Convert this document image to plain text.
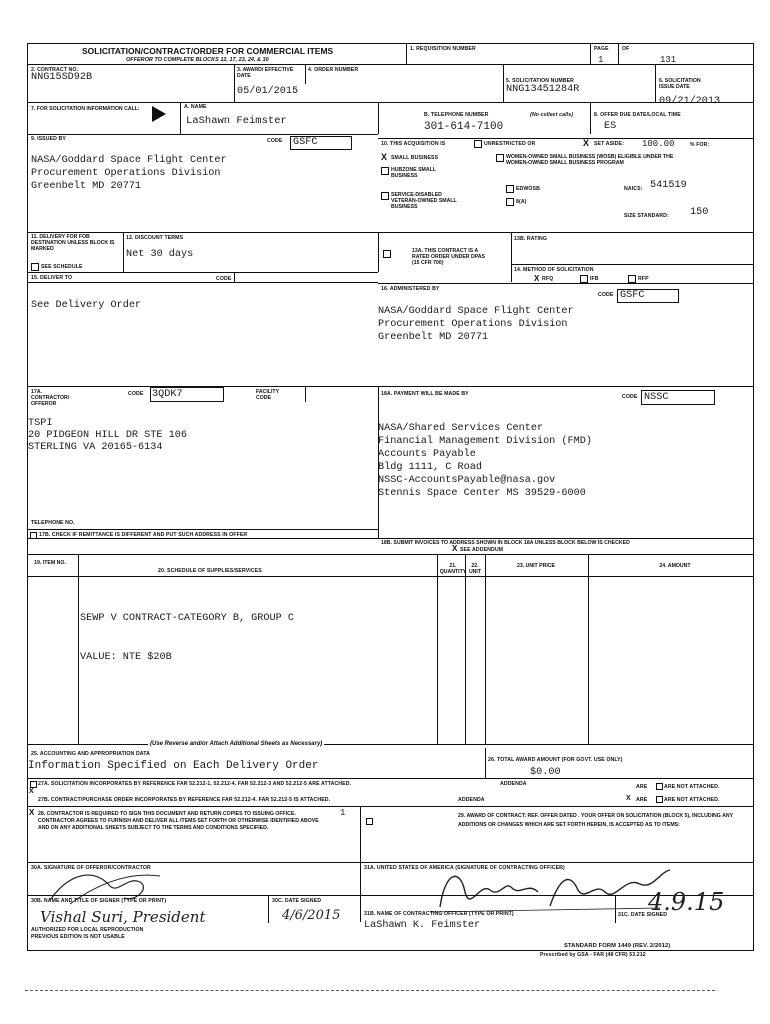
SOLICITATION/CONTRACT/ORDER FOR COMMERCIAL ITEMS
OFFEROR TO COMPLETE BLOCKS 12, 17, 23, 24, & 30
1. REQUISITION NUMBER	PAGE	OF
1	131
2. CONTRACT NO.
NNG15SD92B
3. AWARD/ EFFECTIVE DATE
05/01/2015
4. ORDER NUMBER
5. SOLICITATION NUMBER
NNG13451284R
6. SOLICITATION ISSUE DATE
09/21/2013
7. FOR SOLICITATION INFORMATION CALL:	A. NAME
LaShawn Feimster	B. TELEPHONE NUMBER	(No collect calls)
301-614-7100
8. OFFER DUE DATE/LOCAL TIME
ES
9. ISSUED BY	CODE GSFC
NASA/Goddard Space Flight Center
Procurement Operations Division
Greenbelt MD 20771
10. THIS ACQUISITION IS	UNRESTRICTED OR	X SET ASIDE: 100.00	% FOR:
X SMALL BUSINESS
HUBZONE SMALL BUSINESS
SERVICE-DISABLED VETERAN-OWNED SMALL BUSINESS
WOMEN-OWNED SMALL BUSINESS (WOSB) ELIGIBLE UNDER THE WOMEN-OWNED SMALL BUSINESS PROGRAM
EDWOSB
8(A)
NAICS: 541519
SIZE STANDARD: 150
11. DELIVERY FOR FOB DESTINATION UNLESS BLOCK IS MARKED
SEE SCHEDULE
12. DISCOUNT TERMS
Net 30 days	13A. THIS CONTRACT IS A RATED ORDER UNDER DPAS (15 CFR 700)
13B. RATING
14. METHOD OF SOLICITATION
X RFQ	IFB	RFP
15. DELIVER TO	CODE
See Delivery Order
16. ADMINISTERED BY
CODE GSFC
NASA/Goddard Space Flight Center
Procurement Operations Division
Greenbelt MD 20771
17A. CONTRACTOR/ OFFEROR
CODE 3QDK7	FACILITY CODE
TSPI
20 PIDGEON HILL DR STE 106
STERLING VA 20165-6134
TELEPHONE NO.
17B. CHECK IF REMITTANCE IS DIFFERENT AND PUT SUCH ADDRESS IN OFFER
18A. PAYMENT WILL BE MADE BY	CODE NSSC
NASA/Shared Services Center
Financial Management Division (FMD)
Accounts Payable
Bldg 1111, C Road
NSSC-AccountsPayable@nasa.gov
Stennis Space Center MS 39529-6000
18B. SUBMIT INVOICES TO ADDRESS SHOWN IN BLOCK 18A UNLESS BLOCK BELOW IS CHECKED
X SEE ADDENDUM
19. ITEM NO.
20. SCHEDULE OF SUPPLIES/SERVICES
21. QUANTITY
22. UNIT
23. UNIT PRICE	24. AMOUNT
SEWP V CONTRACT-CATEGORY B, GROUP C
VALUE: NTE $20B
(Use Reverse and/or Attach Additional Sheets as Necessary)
25. ACCOUNTING AND APPROPRIATION DATA
Information Specified on Each Delivery Order	26. TOTAL AWARD AMOUNT (FOR GOVT. USE ONLY)
$0.00
27A. SOLICITATION INCORPORATES BY REFERENCE FAR 52.212-1, 52.212-4. FAR 52.212-3 AND 52.212-5 ARE ATTACHED.	ADDENDA	ARE	ARE NOT ATTACHED.
X
27B. CONTRACT/PURCHASE ORDER INCORPORATES BY REFERENCE FAR 52.212-4. FAR 52.212-5 IS ATTACHED.	ADDENDA	X ARE	ARE NOT ATTACHED.
X 28. CONTRACTOR IS REQUIRED TO SIGN THIS DOCUMENT AND RETURN COPIES TO ISSUING OFFICE. CONTRACTOR AGREES TO FURNISH AND DELIVER ALL ITEMS SET FORTH OR OTHERWISE IDENTIFIED ABOVE AND ON ANY ADDITIONAL SHEETS SUBJECT TO THE TERMS AND CONDITIONS SPECIFIED.
1	29. AWARD OF CONTRACT: REF. OFFER DATED . YOUR OFFER ON SOLICITATION (BLOCK 5), INCLUDING ANY ADDITIONS OR CHANGES WHICH ARE SET FORTH HEREIN, IS ACCEPTED AS TO ITEMS:
30A. SIGNATURE OF OFFEROR/CONTRACTOR	31A. UNITED STATES OF AMERICA (SIGNATURE OF CONTRACTING OFFICER)
30B. NAME AND TITLE OF SIGNER (TYPE OR PRINT)
Vishal Suri, President
30C. DATE SIGNED
4/6/2015	31B. NAME OF CONTRACTING OFFICER (TYPE OR PRINT)
LaShawn K. Feimster
31C. DATE SIGNED
4.9.15
AUTHORIZED FOR LOCAL REPRODUCTION
PREVIOUS EDITION IS NOT USABLE
STANDARD FORM 1449 (REV. 2/2012)
Prescribed by GSA - FAR (48 CFR) 53.212
